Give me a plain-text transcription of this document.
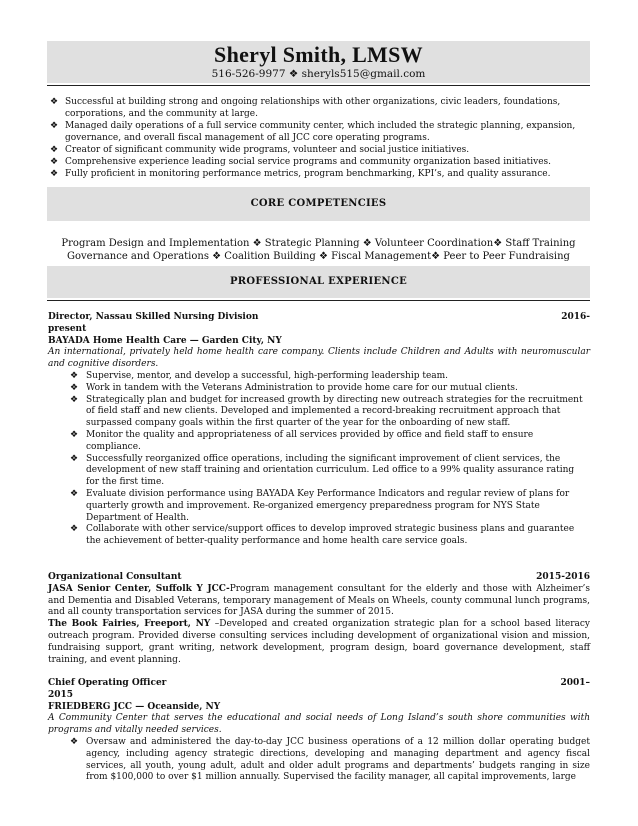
Sheryl Smith, LMSW
516-526-9977 ❖ sheryls515@gmail.com
❖ Successful at building strong and ongoing relationships with other organizations, civic leaders, foundations, corporations, and the community at large.
❖ Managed daily operations of a full service community center, which included the strategic planning, expansion, governance, and overall fiscal management of all JCC core operating programs.
❖ Creator of significant community wide programs, volunteer and social justice initiatives.
❖ Comprehensive experience leading social service programs and community organization based initiatives.
❖ Fully proficient in monitoring performance metrics, program benchmarking, KPI’s, and quality assurance.
CORE COMPETENCIES
Program Design and Implementation ❖ Strategic Planning ❖ Volunteer Coordination❖ Staff Training
Governance and Operations ❖ Coalition Building ❖ Fiscal Management❖ Peer to Peer Fundraising
PROFESSIONAL EXPERIENCE
Director, Nassau Skilled Nursing Division	2016-
present
BAYADA Home Health Care — Garden City, NY
An international, privately held home health care company. Clients include Children and Adults with neuromuscular and cognitive disorders.
❖ Supervise, mentor, and develop a successful, high-performing leadership team.
❖ Work in tandem with the Veterans Administration to provide home care for our mutual clients.
❖ Strategically plan and budget for increased growth by directing new outreach strategies for the recruitment of field staff and new clients. Developed and implemented a record-breaking recruitment approach that surpassed company goals within the first quarter of the year for the onboarding of new staff.
❖ Monitor the quality and appropriateness of all services provided by office and field staff to ensure compliance.
❖ Successfully reorganized office operations, including the significant improvement of client services, the development of new staff training and orientation curriculum. Led office to a 99% quality assurance rating for the first time.
❖ Evaluate division performance using BAYADA Key Performance Indicators and regular review of plans for quarterly growth and improvement. Re-organized emergency preparedness program for NYS State Department of Health.
❖ Collaborate with other service/support offices to develop improved strategic business plans and guarantee the achievement of better-quality performance and home health care service goals.
Organizational Consultant	2015-2016
JASA Senior Center, Suffolk Y JCC-Program management consultant for the elderly and those with Alzheimer’s and Dementia and Disabled Veterans, temporary management of Meals on Wheels, county communal lunch programs, and all county transportation services for JASA during the summer of 2015.
The Book Fairies, Freeport, NY –Developed and created organization strategic plan for a school based literacy outreach program. Provided diverse consulting services including development of organizational vision and mission, fundraising support, grant writing, network development, program design, board governance development, staff training, and event planning.
Chief Operating Officer	2001–
2015
FRIEDBERG JCC — Oceanside, NY
A Community Center that serves the educational and social needs of Long Island’s south shore communities with programs and vitally needed services.
❖ Oversaw and administered the day-to-day JCC business operations of a 12 million dollar operating budget agency, including agency strategic directions, developing and managing department and agency fiscal services, all youth, young adult, adult and older adult programs and departments’ budgets ranging in size from $100,000 to over $1 million annually. Supervised the facility manager, all capital improvements, large
